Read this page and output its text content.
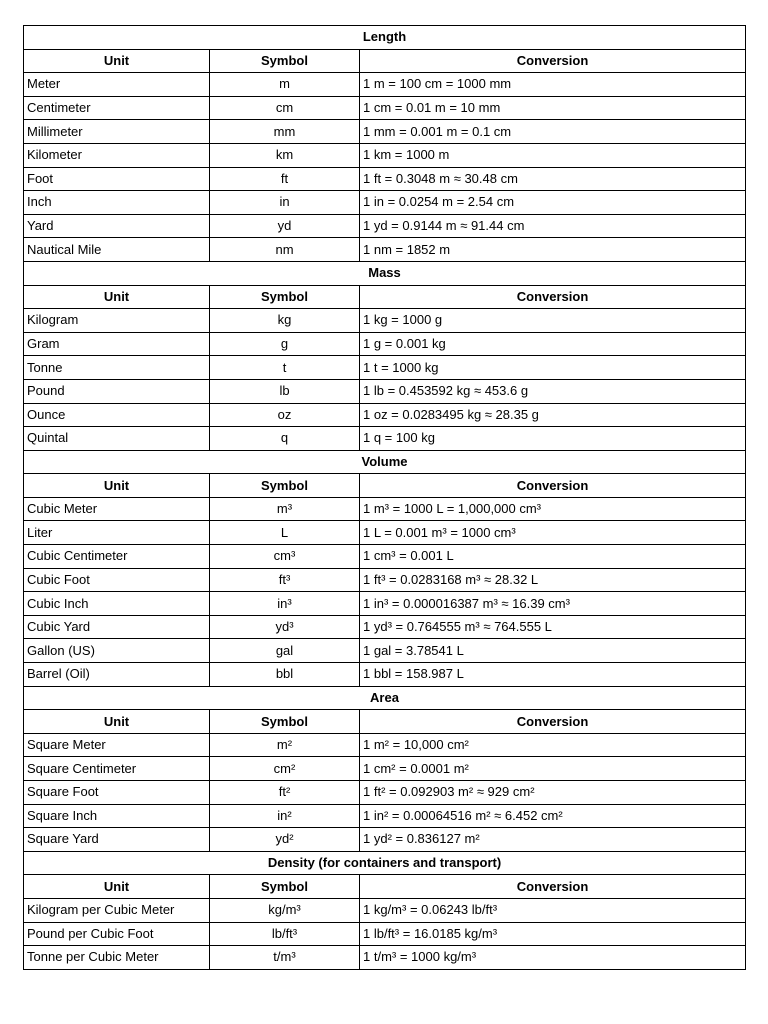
Length		
Unit	Symbol	Conversion
Meter	m	1 m = 100 cm = 1000 mm
Centimeter	cm	1 cm = 0.01 m = 10 mm
Millimeter	mm	1 mm = 0.001 m = 0.1 cm
Kilometer	km	1 km = 1000 m
Foot	ft	1 ft = 0.3048 m ≈ 30.48 cm
Inch	in	1 in = 0.0254 m = 2.54 cm
Yard	yd	1 yd = 0.9144 m ≈ 91.44 cm
Nautical Mile	nm	1 nm = 1852 m
Mass		
Unit	Symbol	Conversion
Kilogram	kg	1 kg = 1000 g
Gram	g	1 g = 0.001 kg
Tonne	t	1 t = 1000 kg
Pound	lb	1 lb = 0.453592 kg ≈ 453.6 g
Ounce	oz	1 oz = 0.0283495 kg ≈ 28.35 g
Quintal	q	1 q = 100 kg
Volume		
Unit	Symbol	Conversion
Cubic Meter	m³	1 m³ = 1000 L = 1,000,000 cm³
Liter	L	1 L = 0.001 m³ = 1000 cm³
Cubic Centimeter	cm³	1 cm³ = 0.001 L
Cubic Foot	ft³	1 ft³ = 0.0283168 m³ ≈ 28.32 L
Cubic Inch	in³	1 in³ = 0.000016387 m³ ≈ 16.39 cm³
Cubic Yard	yd³	1 yd³ = 0.764555 m³ ≈ 764.555 L
Gallon (US)	gal	1 gal = 3.78541 L
Barrel (Oil)	bbl	1 bbl = 158.987 L
Area		
Unit	Symbol	Conversion
Square Meter	m²	1 m² = 10,000 cm²
Square Centimeter	cm²	1 cm² = 0.0001 m²
Square Foot	ft²	1 ft² = 0.092903 m² ≈ 929 cm²
Square Inch	in²	1 in² = 0.00064516 m² ≈ 6.452 cm²
Square Yard	yd²	1 yd² = 0.836127 m²
Density (for containers and transport)		
Unit	Symbol	Conversion
Kilogram per Cubic Meter	kg/m³	1 kg/m³ = 0.06243 lb/ft³
Pound per Cubic Foot	lb/ft³	1 lb/ft³ = 16.0185 kg/m³
Tonne per Cubic Meter	t/m³	1 t/m³ = 1000 kg/m³
